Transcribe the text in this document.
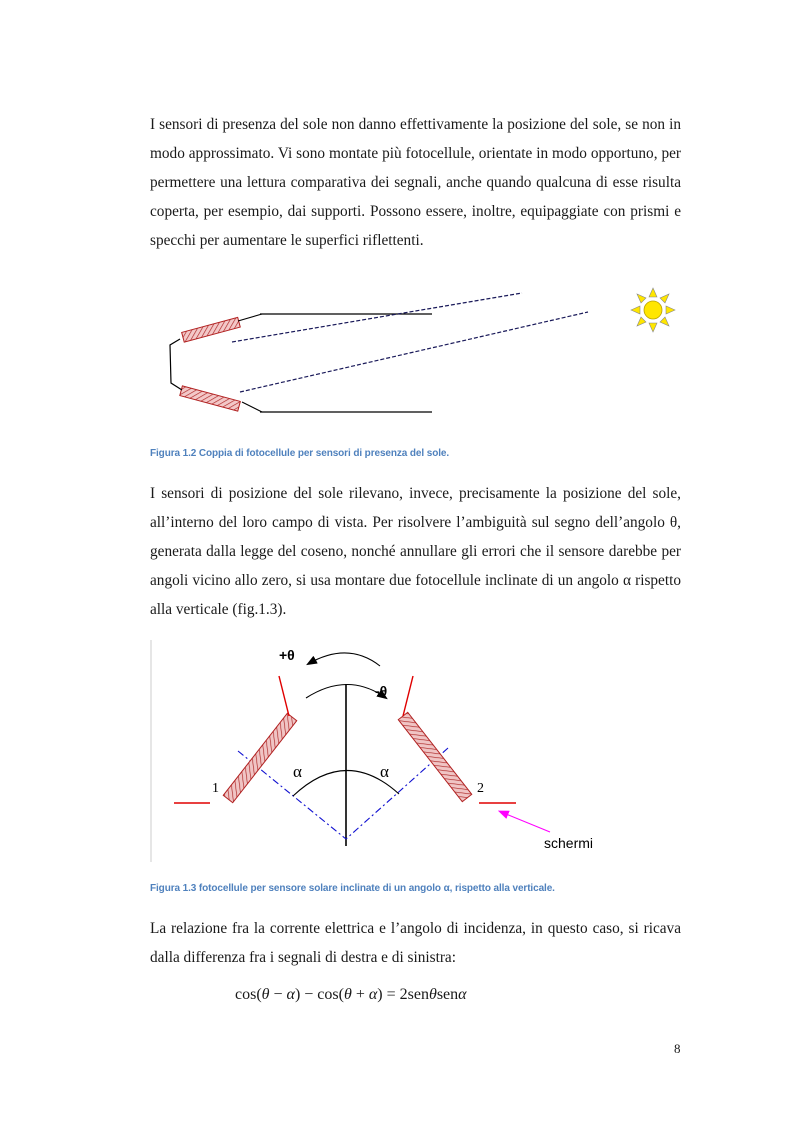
I sensori di presenza del sole non danno effettivamente la posizione del sole, se non in modo approssimato. Vi sono montate più fotocellule, orientate in modo opportuno, per permettere una lettura comparativa dei segnali, anche quando qualcuna di esse risulta coperta, per esempio, dai supporti. Possono essere, inoltre, equipaggiate con prismi e specchi per aumentare le superfici riflettenti.

Figura 1.2 Coppia di fotocellule per sensori di presenza del sole.

I sensori di posizione del sole rilevano, invece, precisamente la posizione del sole, all’interno del loro campo di vista. Per risolvere l’ambiguità sul segno dell’angolo θ, generata dalla legge del coseno, nonché annullare gli errori che il sensore darebbe per angoli vicino allo zero, si usa montare due fotocellule inclinate di un angolo α rispetto alla verticale (fig.1.3).

+θ
-θ
α	α
1	2
schermi
Figura 1.3 fotocellule per sensore solare inclinate di un angolo α, rispetto alla verticale.

La relazione fra la corrente elettrica e l’angolo di incidenza, in questo caso, si ricava dalla differenza fra i segnali di destra e di sinistra:

cos(θ − α) − cos(θ + α) = 2senθsenα
8
